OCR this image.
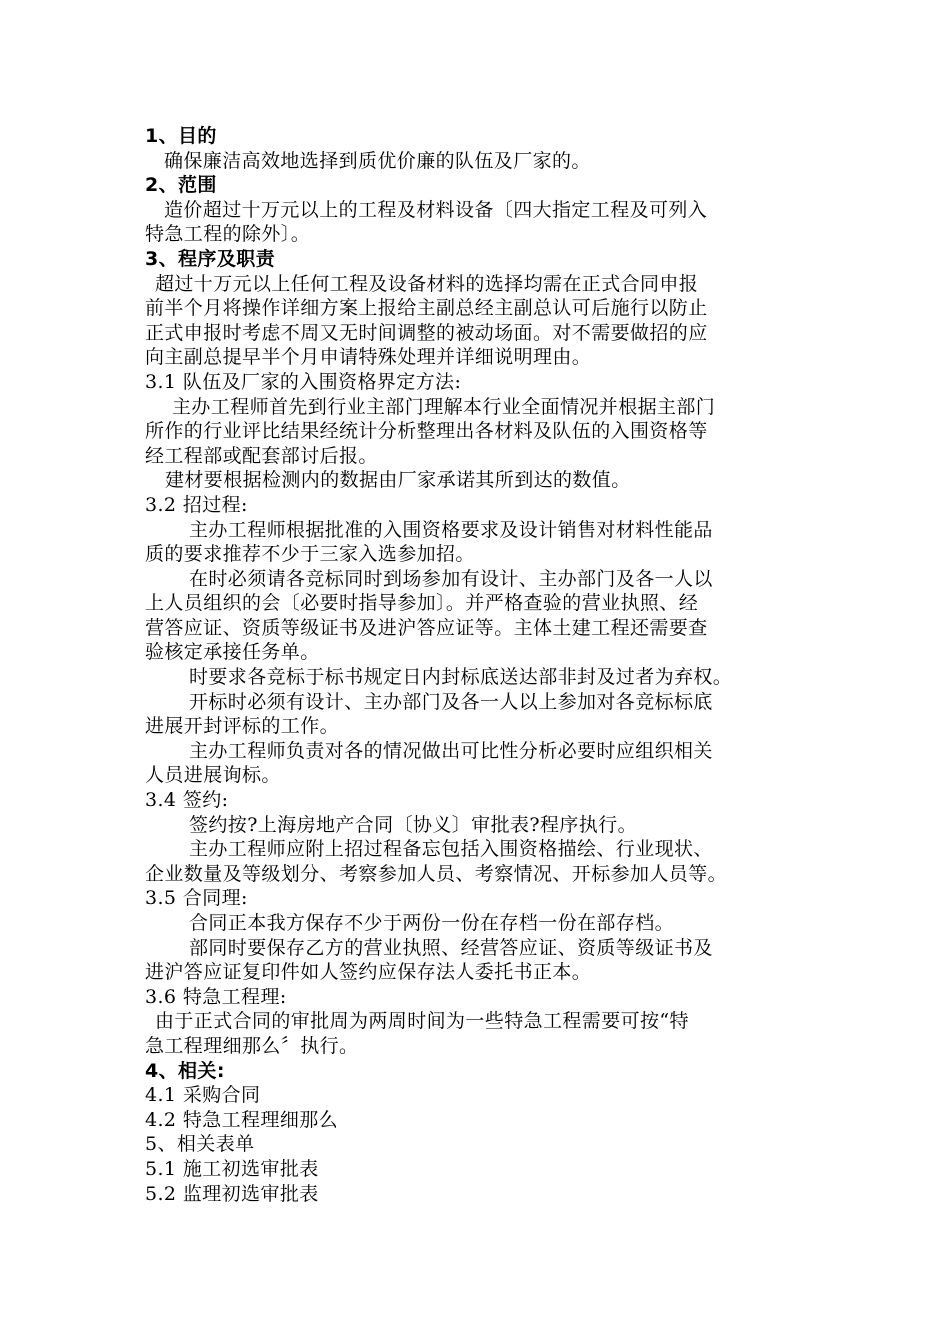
1、目的
确保廉洁高效地选择到质优价廉的队伍及厂家的。
2、范围
造价超过十万元以上的工程及材料设备〔四大指定工程及可列入
特急工程的除外〕。
3、程序及职责
超过十万元以上任何工程及设备材料的选择均需在正式合同申报
前半个月将操作详细方案上报给主副总经主副总认可后施行以防止
正式申报时考虑不周又无时间调整的被动场面。对不需要做招的应
向主副总提早半个月申请特殊处理并详细说明理由。
3.1 队伍及厂家的入围资格界定方法:
主办工程师首先到行业主部门理解本行业全面情况并根据主部门
所作的行业评比结果经统计分析整理出各材料及队伍的入围资格等
经工程部或配套部讨后报。
建材要根据检测内的数据由厂家承诺其所到达的数值。
3.2 招过程:
主办工程师根据批准的入围资格要求及设计销售对材料性能品
质的要求推荐不少于三家入选参加招。
在时必须请各竞标同时到场参加有设计、主办部门及各一人以
上人员组织的会〔必要时指导参加〕。并严格查验的营业执照、经
营答应证、资质等级证书及进沪答应证等。主体土建工程还需要查
验核定承接任务单。
时要求各竞标于标书规定日内封标底送达部非封及过者为弃权。
开标时必须有设计、主办部门及各一人以上参加对各竞标标底
进展开封评标的工作。
主办工程师负责对各的情况做出可比性分析必要时应组织相关
人员进展询标。
3.4 签约:
签约按?上海房地产合同〔协义〕审批表?程序执行。
主办工程师应附上招过程备忘包括入围资格描绘、行业现状、
企业数量及等级划分、考察参加人员、考察情况、开标参加人员等。
3.5 合同理:
合同正本我方保存不少于两份一份在存档一份在部存档。
部同时要保存乙方的营业执照、经营答应证、资质等级证书及
进沪答应证复印件如人签约应保存法人委托书正本。
3.6 特急工程理:
由于正式合同的审批周为两周时间为一些特急工程需要可按“特
急工程理细那么〞执行。
4、相关:
4.1 采购合同
4.2 特急工程理细那么
5、相关表单
5.1 施工初选审批表
5.2 监理初选审批表
